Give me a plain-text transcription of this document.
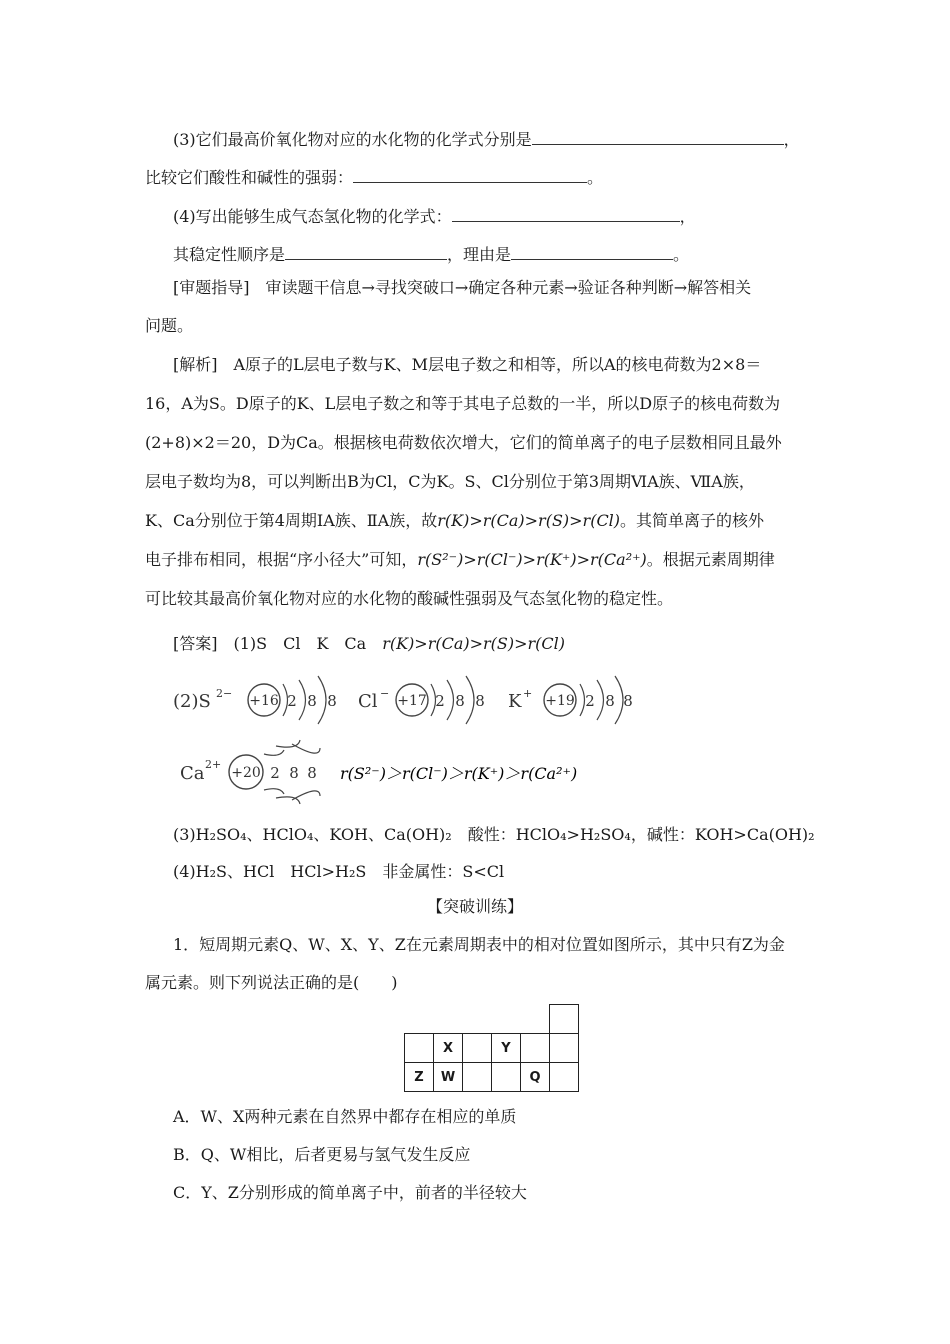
(3)它们最高价氧化物对应的水化物的化学式分别是	，
比较它们酸性和碱性的强弱：	。
(4)写出能够生成气态氢化物的化学式：	，
其稳定性顺序是	，理由是	。
[审题指导]　审读题干信息→寻找突破口→确定各种元素→验证各种判断→解答相关
问题。
[解析]　A原子的L层电子数与K、M层电子数之和相等，所以A的核电荷数为2×8＝
16，A为S。D原子的K、L层电子数之和等于其电子总数的一半，所以D原子的核电荷数为
(2+8)×2＝20，D为Ca。根据核电荷数依次增大，它们的简单离子的电子层数相同且最外
层电子数均为8，可以判断出B为Cl，C为K。S、Cl分别位于第3周期ⅥA族、ⅦA族，
K、Ca分别位于第4周期ⅠA族、ⅡA族，故r(K)>r(Ca)>r(S)>r(Cl)。其简单离子的核外
电子排布相同，根据“序小径大”可知，r(S²⁻)>r(Cl⁻)>r(K⁺)>r(Ca²⁺)。根据元素周期律
可比较其最高价氧化物对应的水化物的酸碱性强弱及气态氢化物的稳定性。
[答案]　(1)S　Cl　K　Ca　r(K)>r(Ca)>r(S)>r(Cl)
(2)S 2− +16 2 8 8 Cl − +17 2 8 8 K + +19 2 8 8
Ca 2+
+20 2 8 8 r(S²⁻)＞r(Cl⁻)＞r(K⁺)＞r(Ca²⁺)
(3)H₂SO₄、HClO₄、KOH、Ca(OH)₂　酸性：HClO₄>H₂SO₄，碱性：KOH>Ca(OH)₂
(4)H₂S、HCl　HCl>H₂S　非金属性：S<Cl
【突破训练】
1．短周期元素Q、W、X、Y、Z在元素周期表中的相对位置如图所示，其中只有Z为金
属元素。则下列说法正确的是(　　)

	X		Y		
Z	W			Q	
A．W、X两种元素在自然界中都存在相应的单质
B．Q、W相比，后者更易与氢气发生反应
C．Y、Z分别形成的简单离子中，前者的半径较大
